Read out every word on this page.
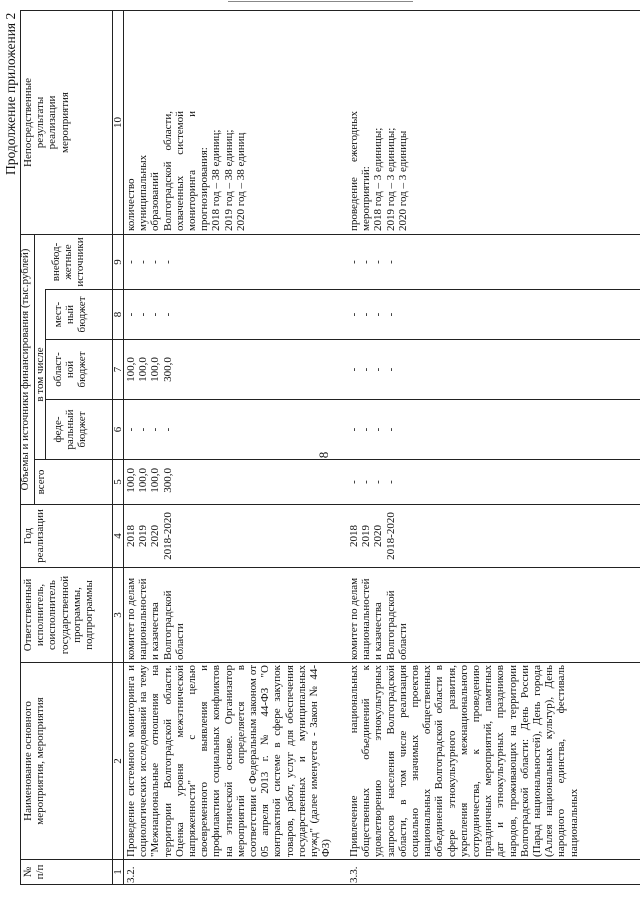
8
Продолжение приложения 2
№
п/п
Наименование основного
мероприятия, мероприятия
Ответственный
исполнитель,
соисполнитель
государственной
программы,
подпрограммы
Объемы и источники финансирования (тыс.рублей)
Год
реализации
всего
в том числе
феде-
ральный
бюджет
област-
ной
бюджет
мест-
ный
бюджет
внебюд-
жетные
источники
Непосредственные
результаты
реализации
мероприятия
1
2
3
4
5
6
7
8
9
10
3.2.
Проведение системного мониторинга и социологических исследований на тему "Межнациональные отношения на территории Волгоградской области. Оценка уровня межэтнической напряженности" с целью своевременного выявления и профилактики социальных конфликтов на этнической основе. Организатор мероприятий определяется в соответствии с Федеральным законом от 05 апреля 2013 г. № 44-ФЗ "О контрактной системе в сфере закупок товаров, работ, услуг для обеспечения государственных и муниципальных нужд" (далее именуется - Закон № 44-ФЗ)
комитет по делам национальностей и казачества Волгоградской области
2018
2019
2020
2018-2020
100,0
100,0
100,0
300,0
-
-
-
-
100,0
100,0
100,0
300,0
-
-
-
-
-
-
-
-
количество муниципальных образований Волгоградской области, охваченных системой мониторинга и прогнозирования:
2018 год – 38 единиц;
2019 год – 38 единиц;
2020 год – 38 единиц
3.3.
Привлечение национальных общественных объединений к удовлетворению этнокультурных запросов населения Волгоградской области, в том числе реализация социально значимых проектов национальных общественных объединений Волгоградской области в сфере этнокультурного развития, укрепления межнационального сотрудничества, к проведению праздничных мероприятий, памятных дат и этнокультурных праздников народов, проживающих на территории Волгоградской области: День России (Парад национальностей), День города (Аллея национальных культур), День народного единства, фестиваль национальных
комитет по делам национальностей и казачества Волгоградской области
2018
2019
2020
2018-2020
-
-
-
-
-
-
-
-
-
-
-
-
-
-
-
-
-
-
-
-
проведение ежегодных мероприятий:
2018 год – 3 единицы;
2019 год – 3 единицы;
2020 год – 3 единицы
